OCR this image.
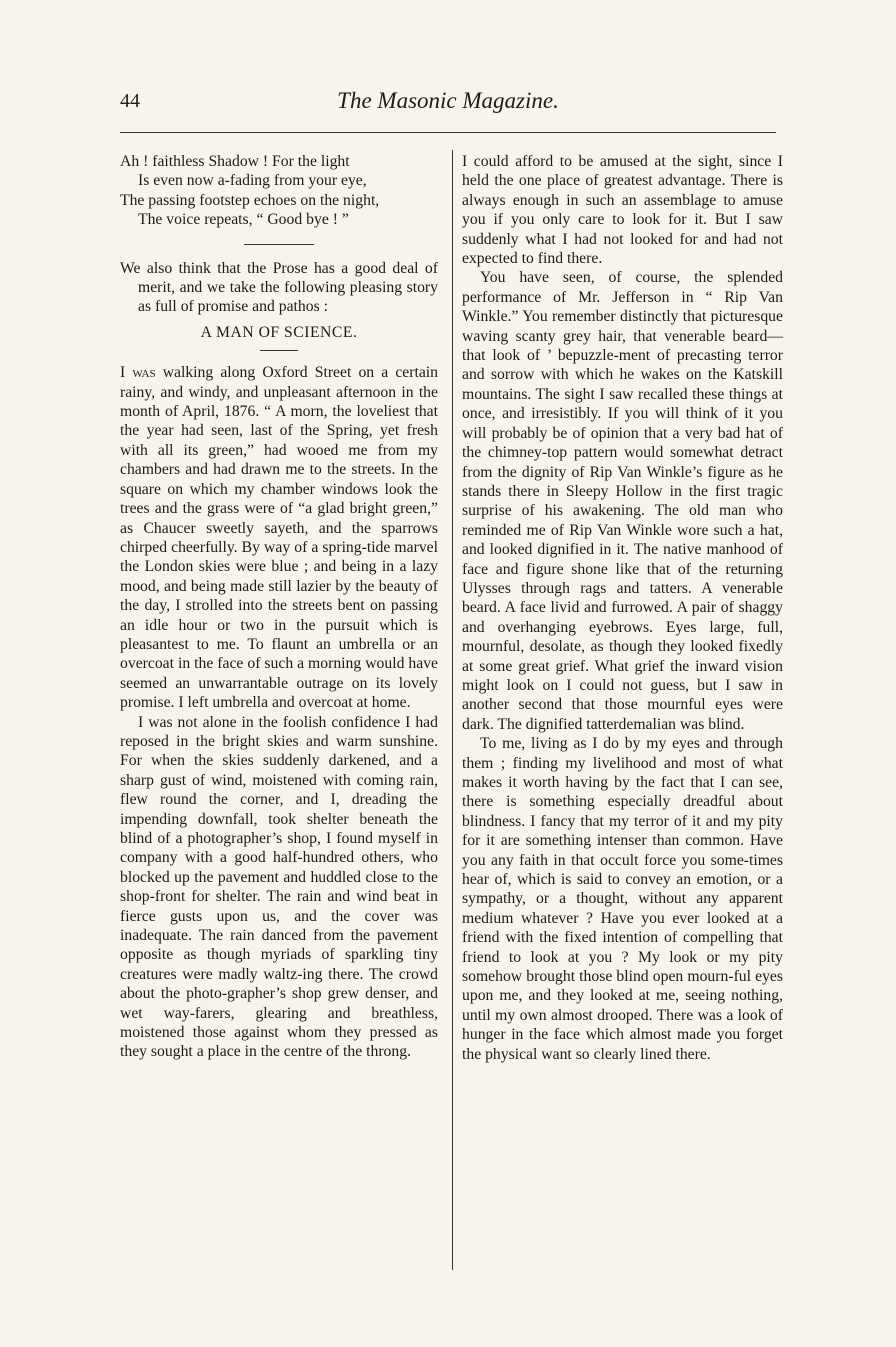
44	The Masonic Magazine.
Ah ! faithless Shadow ! For the light
Is even now a-fading from your eye,
The passing footstep echoes on the night,
The voice repeats, “ Good bye ! ”

We also think that the Prose has a good deal of merit, and we take the following pleasing story as full of promise and pathos :

A MAN OF SCIENCE.

I was walking along Oxford Street on a certain rainy, and windy, and unpleasant afternoon in the month of April, 1876. “ A morn, the loveliest that the year had seen, last of the Spring, yet fresh with all its green,” had wooed me from my chambers and had drawn me to the streets. In the square on which my chamber windows look the trees and the grass were of “a glad bright green,” as Chaucer sweetly sayeth, and the sparrows chirped cheerfully. By way of a spring-tide marvel the London skies were blue ; and being in a lazy mood, and being made still lazier by the beauty of the day, I strolled into the streets bent on passing an idle hour or two in the pursuit which is pleasantest to me. To flaunt an umbrella or an overcoat in the face of such a morning would have seemed an unwarrantable outrage on its lovely promise. I left umbrella and overcoat at home.

I was not alone in the foolish confidence I had reposed in the bright skies and warm sunshine. For when the skies suddenly darkened, and a sharp gust of wind, moistened with coming rain, flew round the corner, and I, dreading the impending downfall, took shelter beneath the blind of a photographer’s shop, I found myself in company with a good half-hundred others, who blocked up the pavement and huddled close to the shop-front for shelter. The rain and wind beat in fierce gusts upon us, and the cover was inadequate. The rain danced from the pavement opposite as though myriads of sparkling tiny creatures were madly waltz-ing there. The crowd about the photo-grapher’s shop grew denser, and wet way-farers, glearing and breathless, moistened those against whom they pressed as they sought a place in the centre of the throng.

I could afford to be amused at the sight, since I held the one place of greatest advantage. There is always enough in such an assemblage to amuse you if you only care to look for it. But I saw suddenly what I had not looked for and had not expected to find there.

You have seen, of course, the splended performance of Mr. Jefferson in “ Rip Van Winkle.” You remember distinctly that picturesque waving scanty grey hair, that venerable beard—that look of ’ bepuzzle-ment of precasting terror and sorrow with which he wakes on the Katskill mountains. The sight I saw recalled these things at once, and irresistibly. If you will think of it you will probably be of opinion that a very bad hat of the chimney-top pattern would somewhat detract from the dignity of Rip Van Winkle’s figure as he stands there in Sleepy Hollow in the first tragic surprise of his awakening. The old man who reminded me of Rip Van Winkle wore such a hat, and looked dignified in it. The native manhood of face and figure shone like that of the returning Ulysses through rags and tatters. A venerable beard. A face livid and furrowed. A pair of shaggy and overhanging eyebrows. Eyes large, full, mournful, desolate, as though they looked fixedly at some great grief. What grief the inward vision might look on I could not guess, but I saw in another second that those mournful eyes were dark. The dignified tatterdemalian was blind.

To me, living as I do by my eyes and through them ; finding my livelihood and most of what makes it worth having by the fact that I can see, there is something especially dreadful about blindness. I fancy that my terror of it and my pity for it are something intenser than common. Have you any faith in that occult force you some-times hear of, which is said to convey an emotion, or a sympathy, or a thought, without any apparent medium whatever ? Have you ever looked at a friend with the fixed intention of compelling that friend to look at you ? My look or my pity somehow brought those blind open mourn-ful eyes upon me, and they looked at me, seeing nothing, until my own almost drooped. There was a look of hunger in the face which almost made you forget the physical want so clearly lined there.
